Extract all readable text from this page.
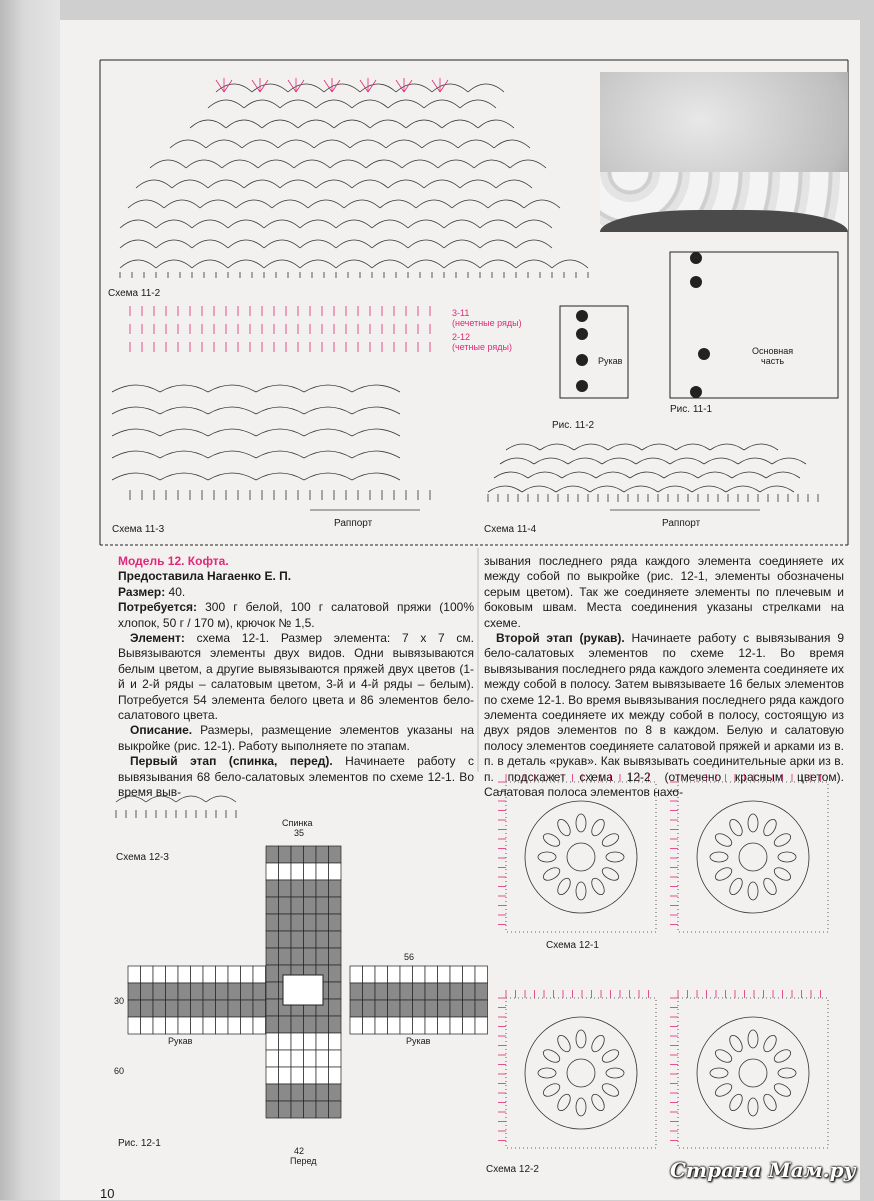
Схема 11-2
Схема 11-3	Схема 11-4
Рис. 11-1
Рис. 11-2
Раппорт	Раппорт
3-11
(нечетные ряды)
2-12
(четные ряды)
Рукав
Основная
часть

Модель 12. Кофта.

Предоставила Нагаенко Е. П.

Размер: 40.

Потребуется: 300 г белой, 100 г салатовой пряжи (100% хлопок, 50 г / 170 м), крючок № 1,5.

Элемент: схема 12-1. Размер элемента: 7 х 7 см. Вывязываются элементы двух видов. Одни вывязываются белым цветом, а другие вывязываются пряжей двух цветов (1-й и 2-й ряды – салатовым цветом, 3-й и 4-й ряды – белым). Потребуется 54 элемента белого цвета и 86 элементов бело-салатового цвета.

Описание. Размеры, размещение элементов указаны на выкройке (рис. 12-1). Работу выполняете по этапам.

Первый этап (спинка, перед). Начинаете работу с вывязывания 68 бело-салатовых элементов по схеме 12-1. Во время выв-

зывания последнего ряда каждого элемента соединяете их между собой по выкройке (рис. 12-1, элементы обозначены серым цветом). Так же соединяете элементы по плечевым и боковым швам. Места соединения указаны стрелками на схеме.

Второй этап (рукав). Начинаете работу с вывязывания 9 бело-салатовых элементов по схеме 12-1. Во время вывязывания последнего ряда каждого элемента соединяете их между собой в полосу. Затем вывязываете 16 белых элементов по схеме 12-1. Во время вывязывания последнего ряда каждого элемента соединяете их между собой в полосу, состоящую из двух рядов элементов по 8 в каждом. Белую и салатовую полосу элементов соединяете салатовой пряжей и арками из в. п. в деталь «рукав». Как вывязывать соединительные арки из в. п. подскажет схема 12-2 (отмечено красным цветом). Салатовая полоса элементов нахо-

Схема 12-3
Схема 12-1
Схема 12-2
Рис. 12-1
Спинка
Перед
Рукав	Рукав
35
56
30
60
42
10
Страна Мам.ру
